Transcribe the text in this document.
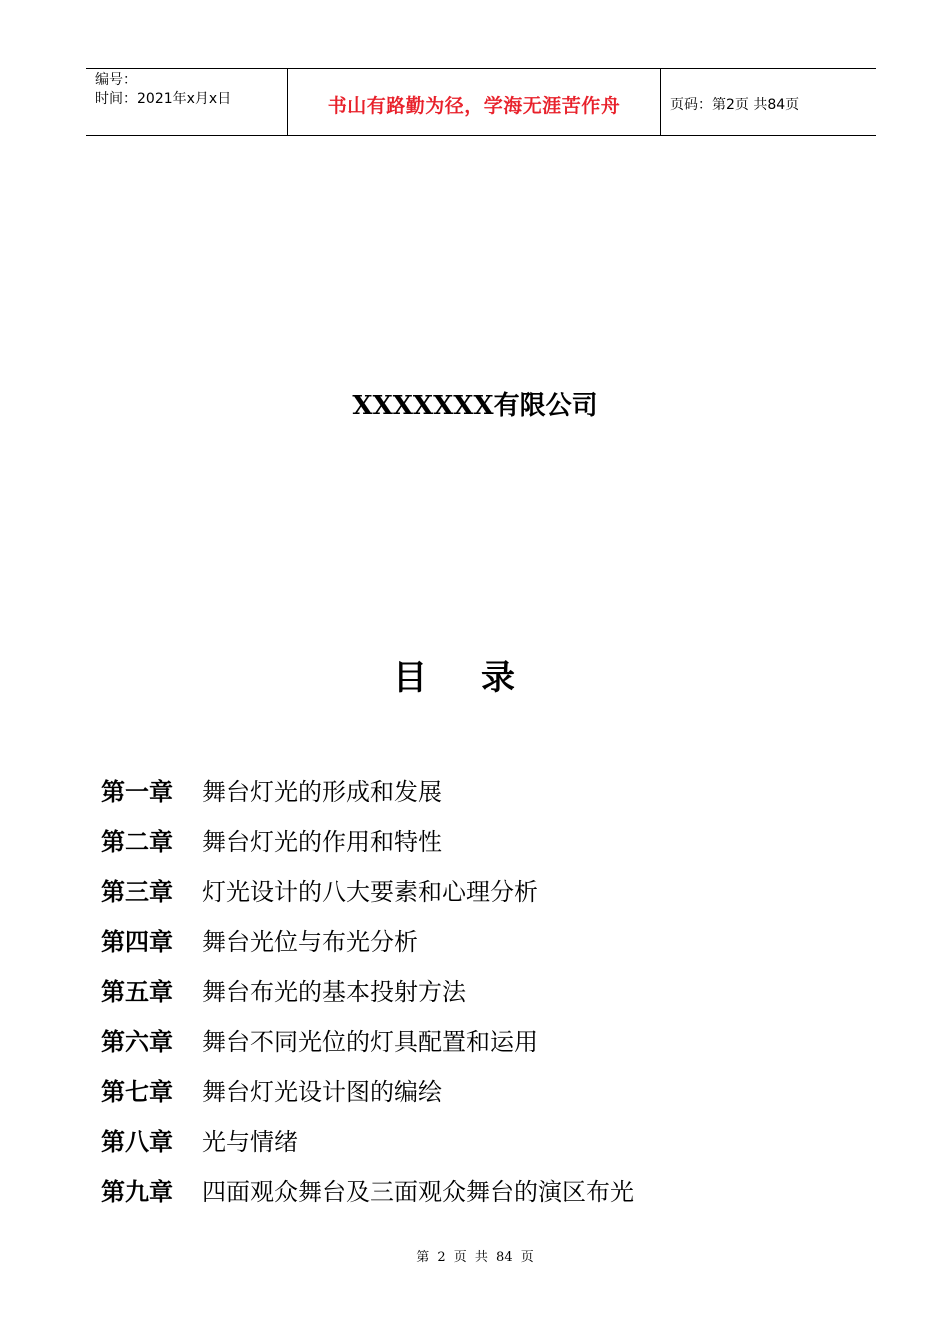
编号：
时间：2021年x月x日	书山有路勤为径，学海无涯苦作舟	页码：第2页 共84页
XXXXXXX有限公司
目录
第一章 舞台灯光的形成和发展
第二章 舞台灯光的作用和特性
第三章 灯光设计的八大要素和心理分析
第四章 舞台光位与布光分析
第五章 舞台布光的基本投射方法
第六章 舞台不同光位的灯具配置和运用
第七章 舞台灯光设计图的编绘
第八章 光与情绪
第九章 四面观众舞台及三面观众舞台的演区布光
第 2 页 共 84 页
